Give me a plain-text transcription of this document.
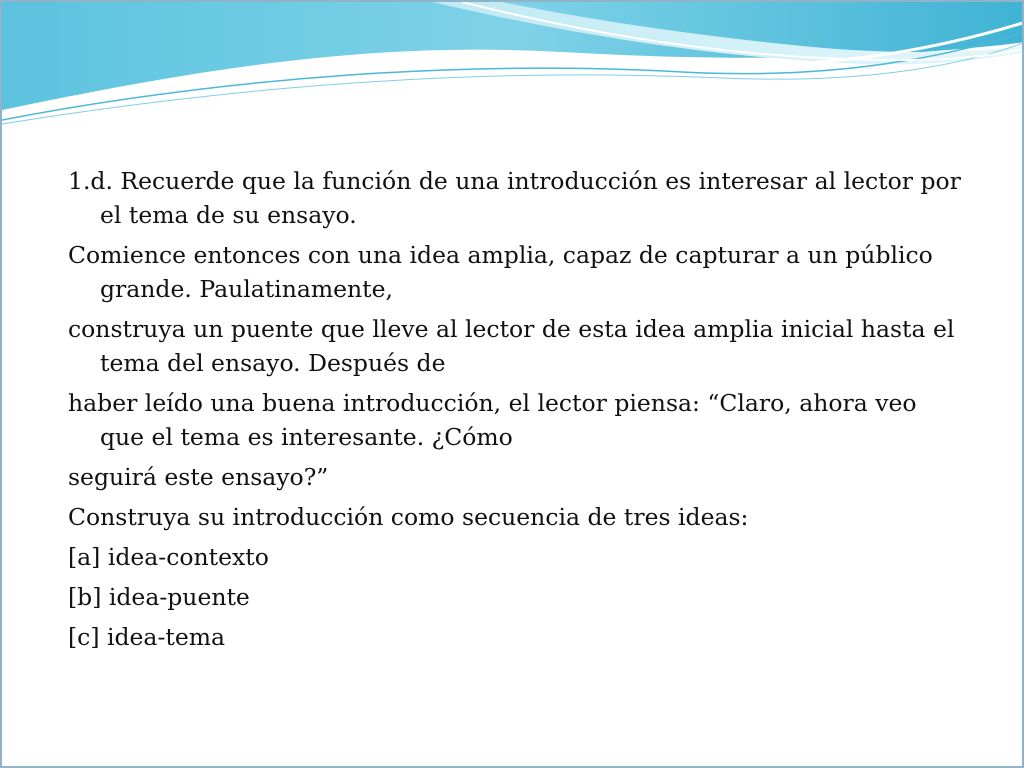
1.d. Recuerde que la función de una introducción es interesar al lector por el tema de su ensayo.

Comience entonces con una idea amplia, capaz de capturar a un público grande. Paulatinamente,

construya un puente que lleve al lector de esta idea amplia inicial hasta el tema del ensayo. Después de

haber leído una buena introducción, el lector piensa: “Claro, ahora veo que el tema es interesante. ¿Cómo

seguirá este ensayo?”

Construya su introducción como secuencia de tres ideas:

[a] idea-contexto

[b] idea-puente

[c] idea-tema
